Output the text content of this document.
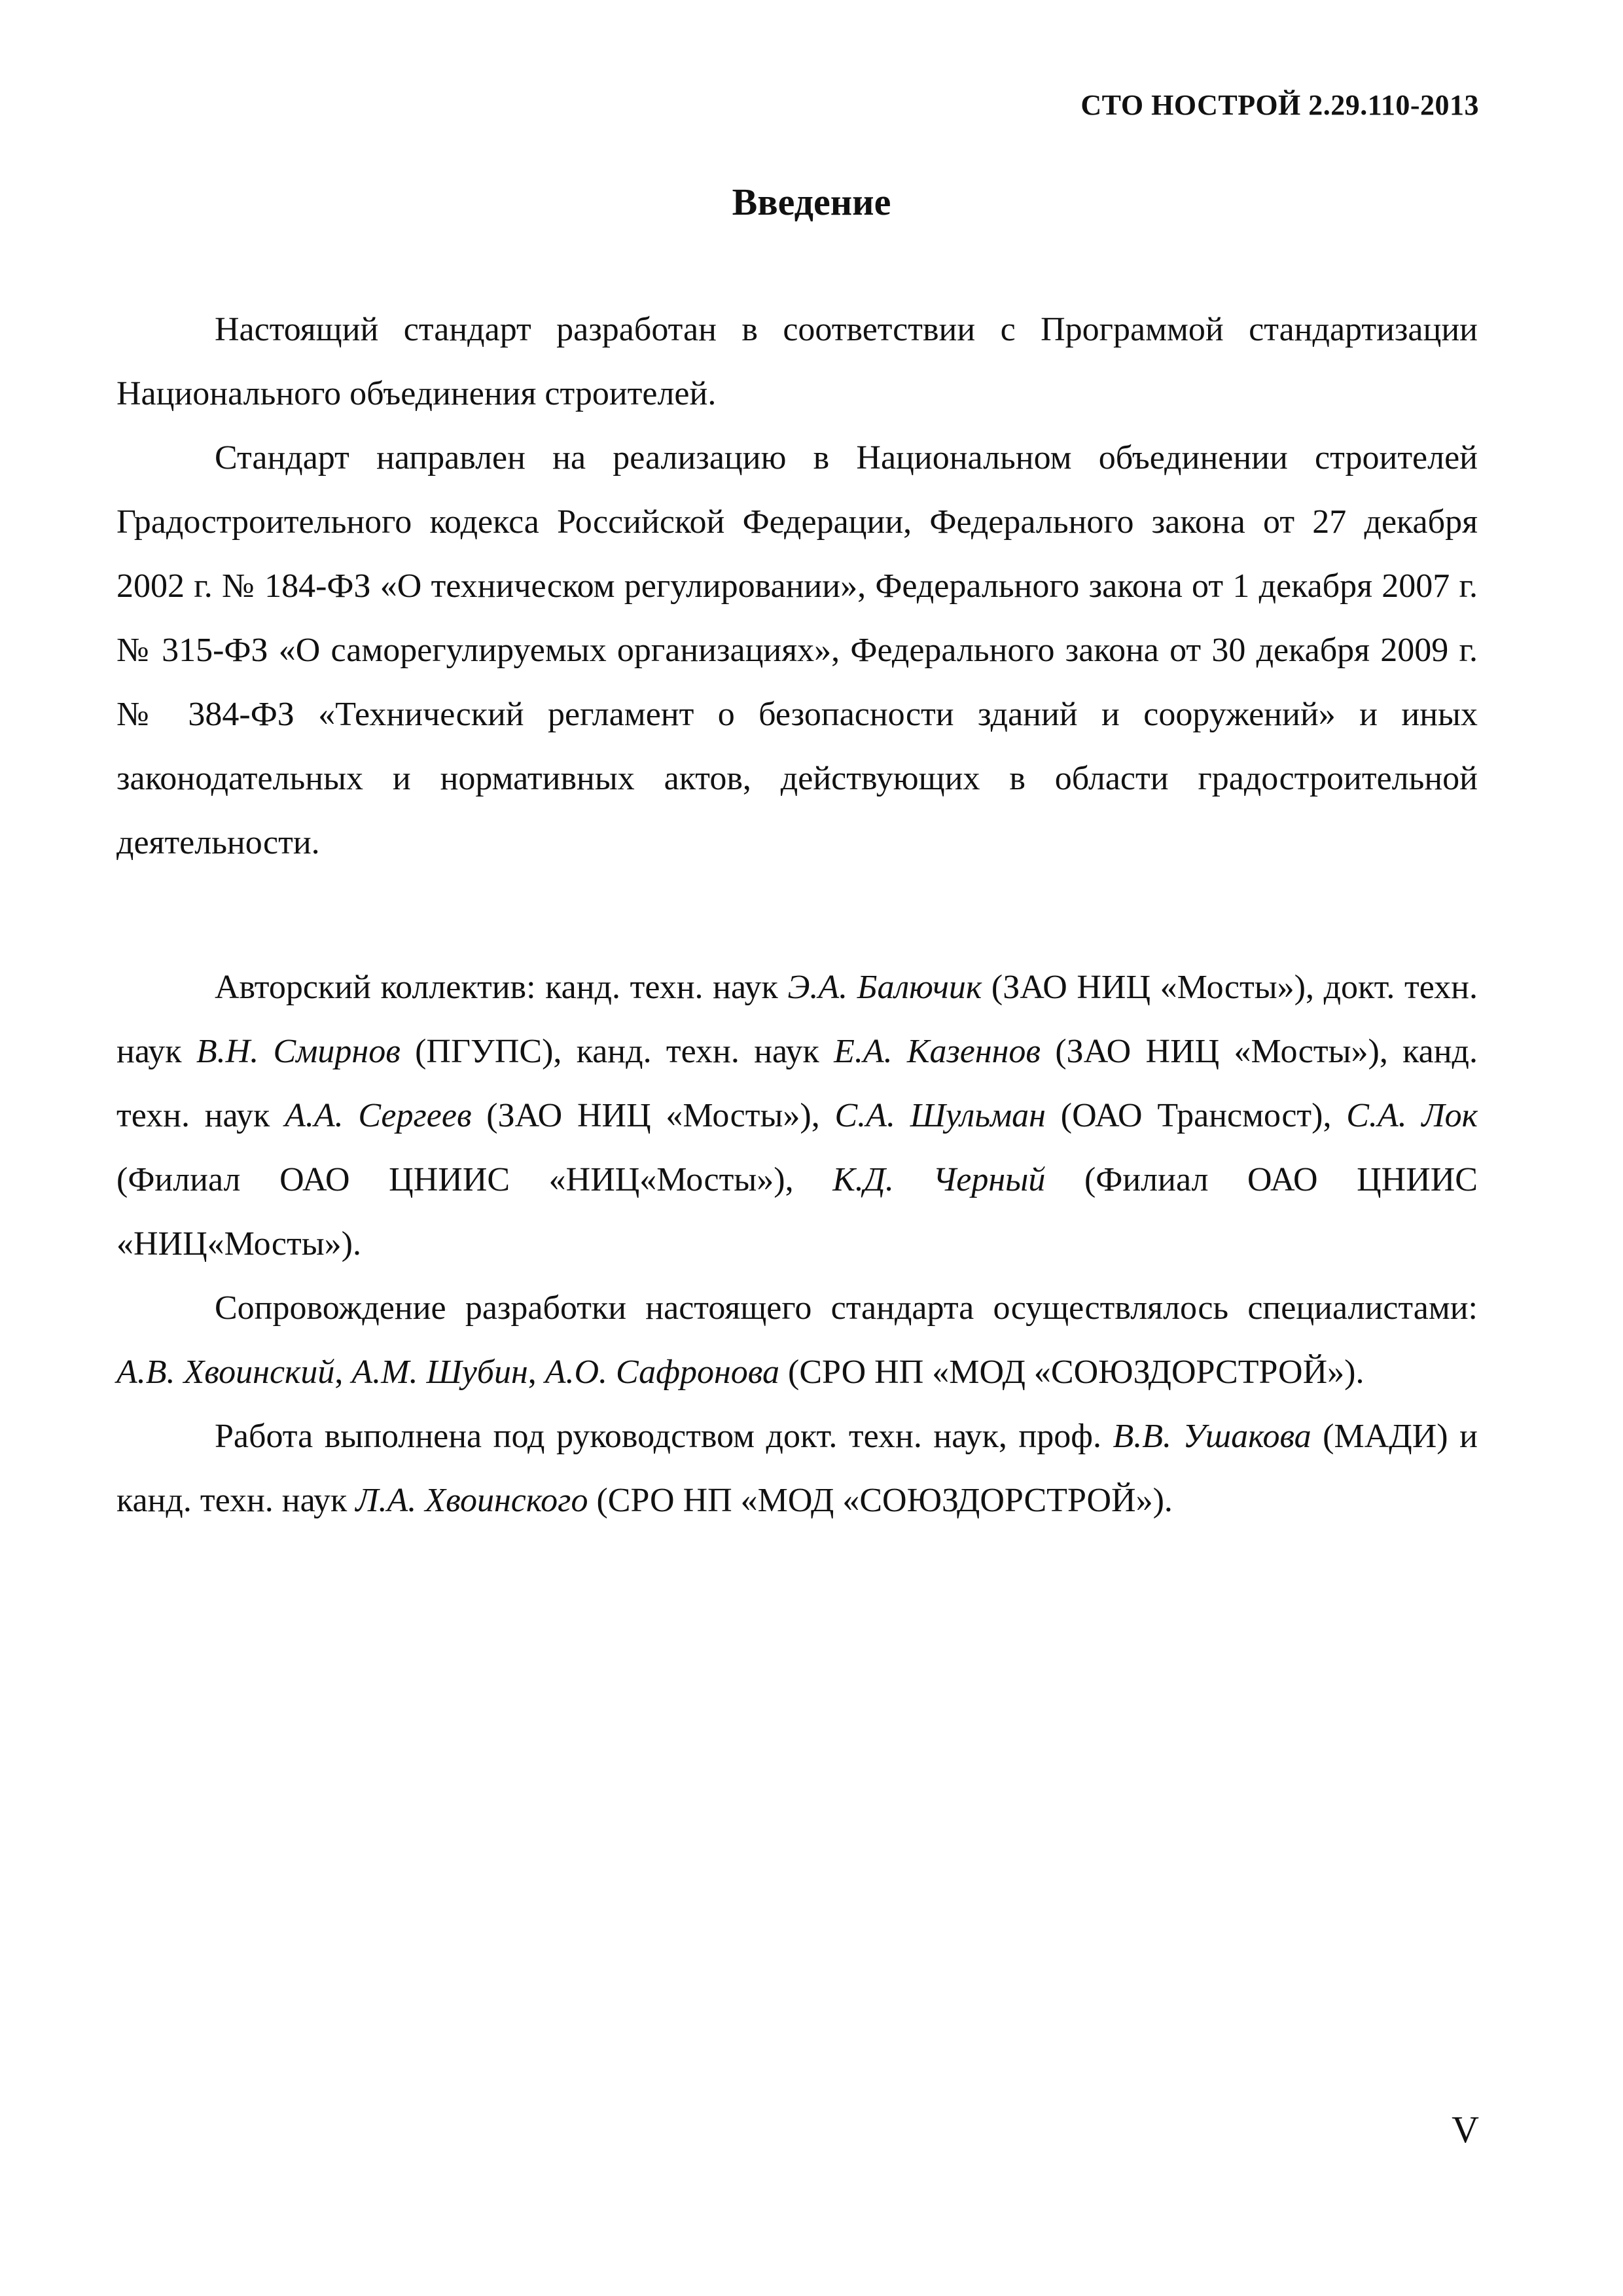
СТО НОСТРОЙ 2.29.110-2013
Введение

Настоящий стандарт разработан в соответствии с Программой стандартизации Национального объединения строителей.

Стандарт направлен на реализацию в Национальном объединении строителей Градостроительного кодекса Российской Федерации, Федерального закона от 27 декабря 2002 г. № 184-ФЗ «О техническом регулировании», Федерального закона от 1 декабря 2007 г. № 315-ФЗ «О саморегулируемых организациях», Федерального закона от 30 декабря 2009 г. № 384-ФЗ «Технический регламент о безопасности зданий и сооружений» и иных законодательных и нормативных актов, действующих в области градостроительной деятельности.

Авторский коллектив: канд. техн. наук Э.А. Балючик (ЗАО НИЦ «Мосты»), докт. техн. наук В.Н. Смирнов (ПГУПС), канд. техн. наук Е.А. Казеннов (ЗАО НИЦ «Мосты»), канд. техн. наук А.А. Сергеев (ЗАО НИЦ «Мосты»), С.А. Шульман (ОАО Трансмост), С.А. Лок (Филиал ОАО ЦНИИС «НИЦ«Мосты»), К.Д. Черный (Филиал ОАО ЦНИИС «НИЦ«Мосты»).

Сопровождение разработки настоящего стандарта осуществлялось специалистами: А.В. Хвоинский, А.М. Шубин, А.О. Сафронова (СРО НП «МОД «СОЮЗДОРСТРОЙ»).

Работа выполнена под руководством докт. техн. наук, проф. В.В. Ушакова (МАДИ) и канд. техн. наук Л.А. Хвоинского (СРО НП «МОД «СОЮЗДОРСТРОЙ»).

V
